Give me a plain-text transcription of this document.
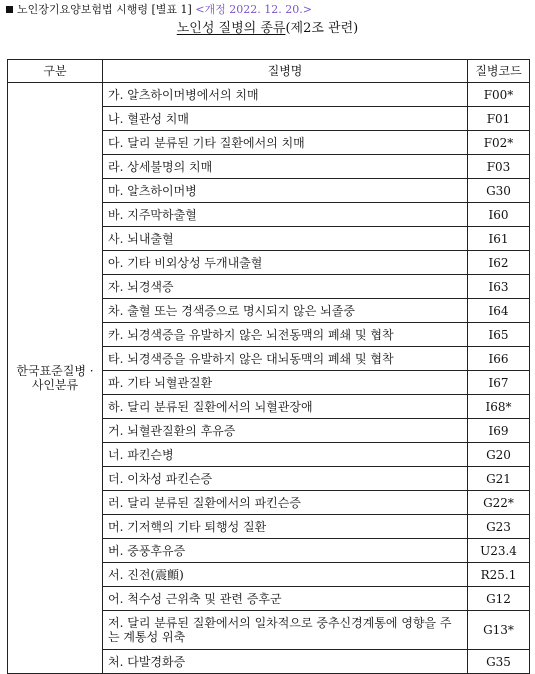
노인장기요양보험법 시행령 [별표 1] <개정 2022. 12. 20.>
노인성 질병의 종류(제2조 관련)
구분	질병명	질병코드
한국표준질병 · 사인분류	가. 알츠하이머병에서의 치매	F00*
	나. 혈관성 치매	F01
	다. 달리 분류된 기타 질환에서의 치매	F02*
	라. 상세불명의 치매	F03
	마. 알츠하이머병	G30
	바. 지주막하출혈	I60
	사. 뇌내출혈	I61
	아. 기타 비외상성 두개내출혈	I62
	자. 뇌경색증	I63
	차. 출혈 또는 경색증으로 명시되지 않은 뇌졸중	I64
	카. 뇌경색증을 유발하지 않은 뇌전동맥의 폐쇄 및 협착	I65
	타. 뇌경색증을 유발하지 않은 대뇌동맥의 폐쇄 및 협착	I66
	파. 기타 뇌혈관질환	I67
	하. 달리 분류된 질환에서의 뇌혈관장애	I68*
	거. 뇌혈관질환의 후유증	I69
	너. 파킨슨병	G20
	더. 이차성 파킨슨증	G21
	러. 달리 분류된 질환에서의 파킨슨증	G22*
	머. 기저핵의 기타 퇴행성 질환	G23
	버. 중풍후유증	U23.4
	서. 진전(震顫)	R25.1
	어. 척수성 근위축 및 관련 증후군	G12
	저. 달리 분류된 질환에서의 일차적으로 중추신경계통에 영향을 주는 계통성 위축	G13*
	처. 다발경화증	G35
